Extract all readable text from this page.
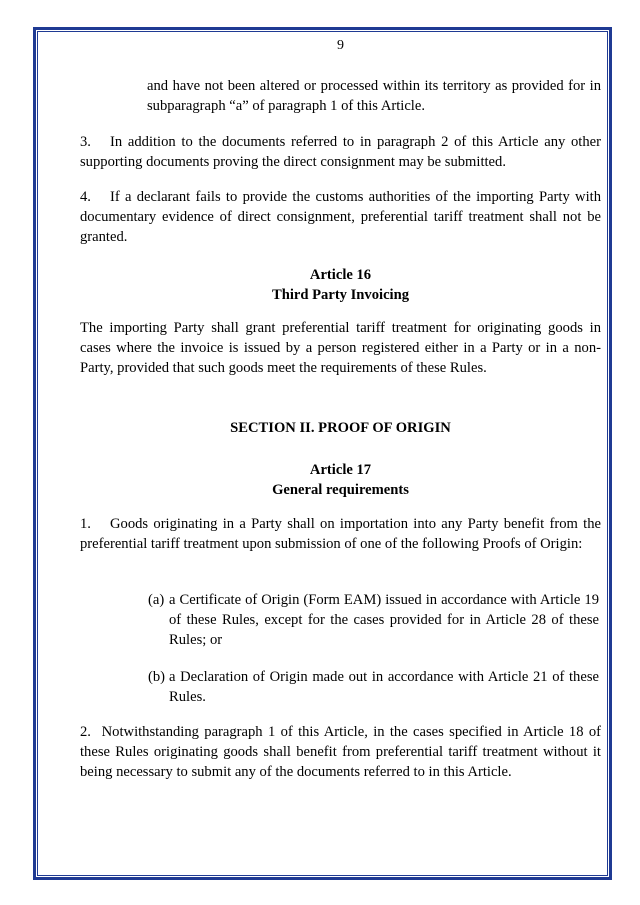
9
and have not been altered or processed within its territory as provided for in subparagraph “a” of paragraph 1 of this Article.
3. In addition to the documents referred to in paragraph 2 of this Article any other supporting documents proving the direct consignment may be submitted.
4. If a declarant fails to provide the customs authorities of the importing Party with documentary evidence of direct consignment, preferential tariff treatment shall not be granted.
Article 16
Third Party Invoicing
The importing Party shall grant preferential tariff treatment for originating goods in cases where the invoice is issued by a person registered either in a Party or in a non-Party, provided that such goods meet the requirements of these Rules.
SECTION II. PROOF OF ORIGIN
Article 17
General requirements
1. Goods originating in a Party shall on importation into any Party benefit from the preferential tariff treatment upon submission of one of the following Proofs of Origin:
(a) a Certificate of Origin (Form EAM) issued in accordance with Article 19 of these Rules, except for the cases provided for in Article 28 of these Rules; or
(b) a Declaration of Origin made out in accordance with Article 21 of these Rules.
2. Notwithstanding paragraph 1 of this Article, in the cases specified in Article 18 of these Rules originating goods shall benefit from preferential tariff treatment without it being necessary to submit any of the documents referred to in this Article.
